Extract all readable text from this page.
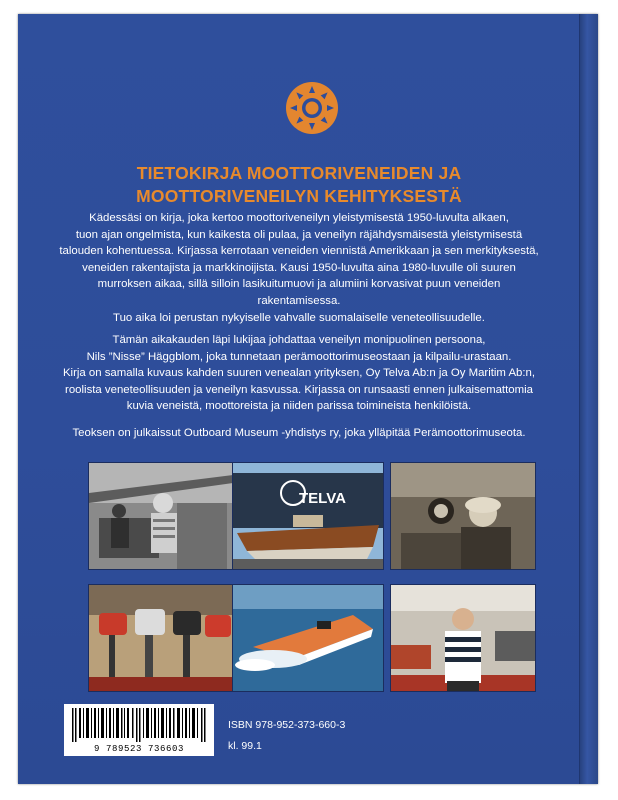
TIETOKIRJA MOOTTORIVENEIDEN JA
MOOTTORIVENEILYN KEHITYKSESTÄ
Kädessäsi on kirja, joka kertoo moottoriveneilyn yleistymisestä 1950-luvulta alkaen,
tuon ajan ongelmista, kun kaikesta oli pulaa, ja veneilyn räjähdysmäisestä yleistymisestä
talouden kohentuessa. Kirjassa kerrotaan veneiden viennistä Amerikkaan ja sen merkityksestä,
veneiden rakentajista ja markkinoijista. Kausi 1950-luvulta aina 1980-luvulle oli suuren
murroksen aikaa, sillä silloin lasikuitumuovi ja alumiini korvasivat puun veneiden rakentamisessa.
Tuo aika loi perustan nykyiselle vahvalle suomalaiselle veneteollisuudelle.
Tämän aikakauden läpi lukijaa johdattaa veneilyn monipuolinen persoona,
Nils ”Nisse” Häggblom, joka tunnetaan perämoottorimuseostaan ja kilpailu-urastaan.
Kirja on samalla kuvaus kahden suuren venealan yrityksen, Oy Telva Ab:n ja Oy Maritim Ab:n,
roolista veneteollisuuden ja veneilyn kasvussa. Kirjassa on runsaasti ennen julkaisemattomia
kuvia veneistä, moottoreista ja niiden parissa toimineista henkilöistä.
Teoksen on julkaissut Outboard Museum -yhdistys ry, joka ylläpitää Perämoottorimuseota.
TELVA
9 789523 736603
ISBN 978-952-373-660-3
kl. 99.1
